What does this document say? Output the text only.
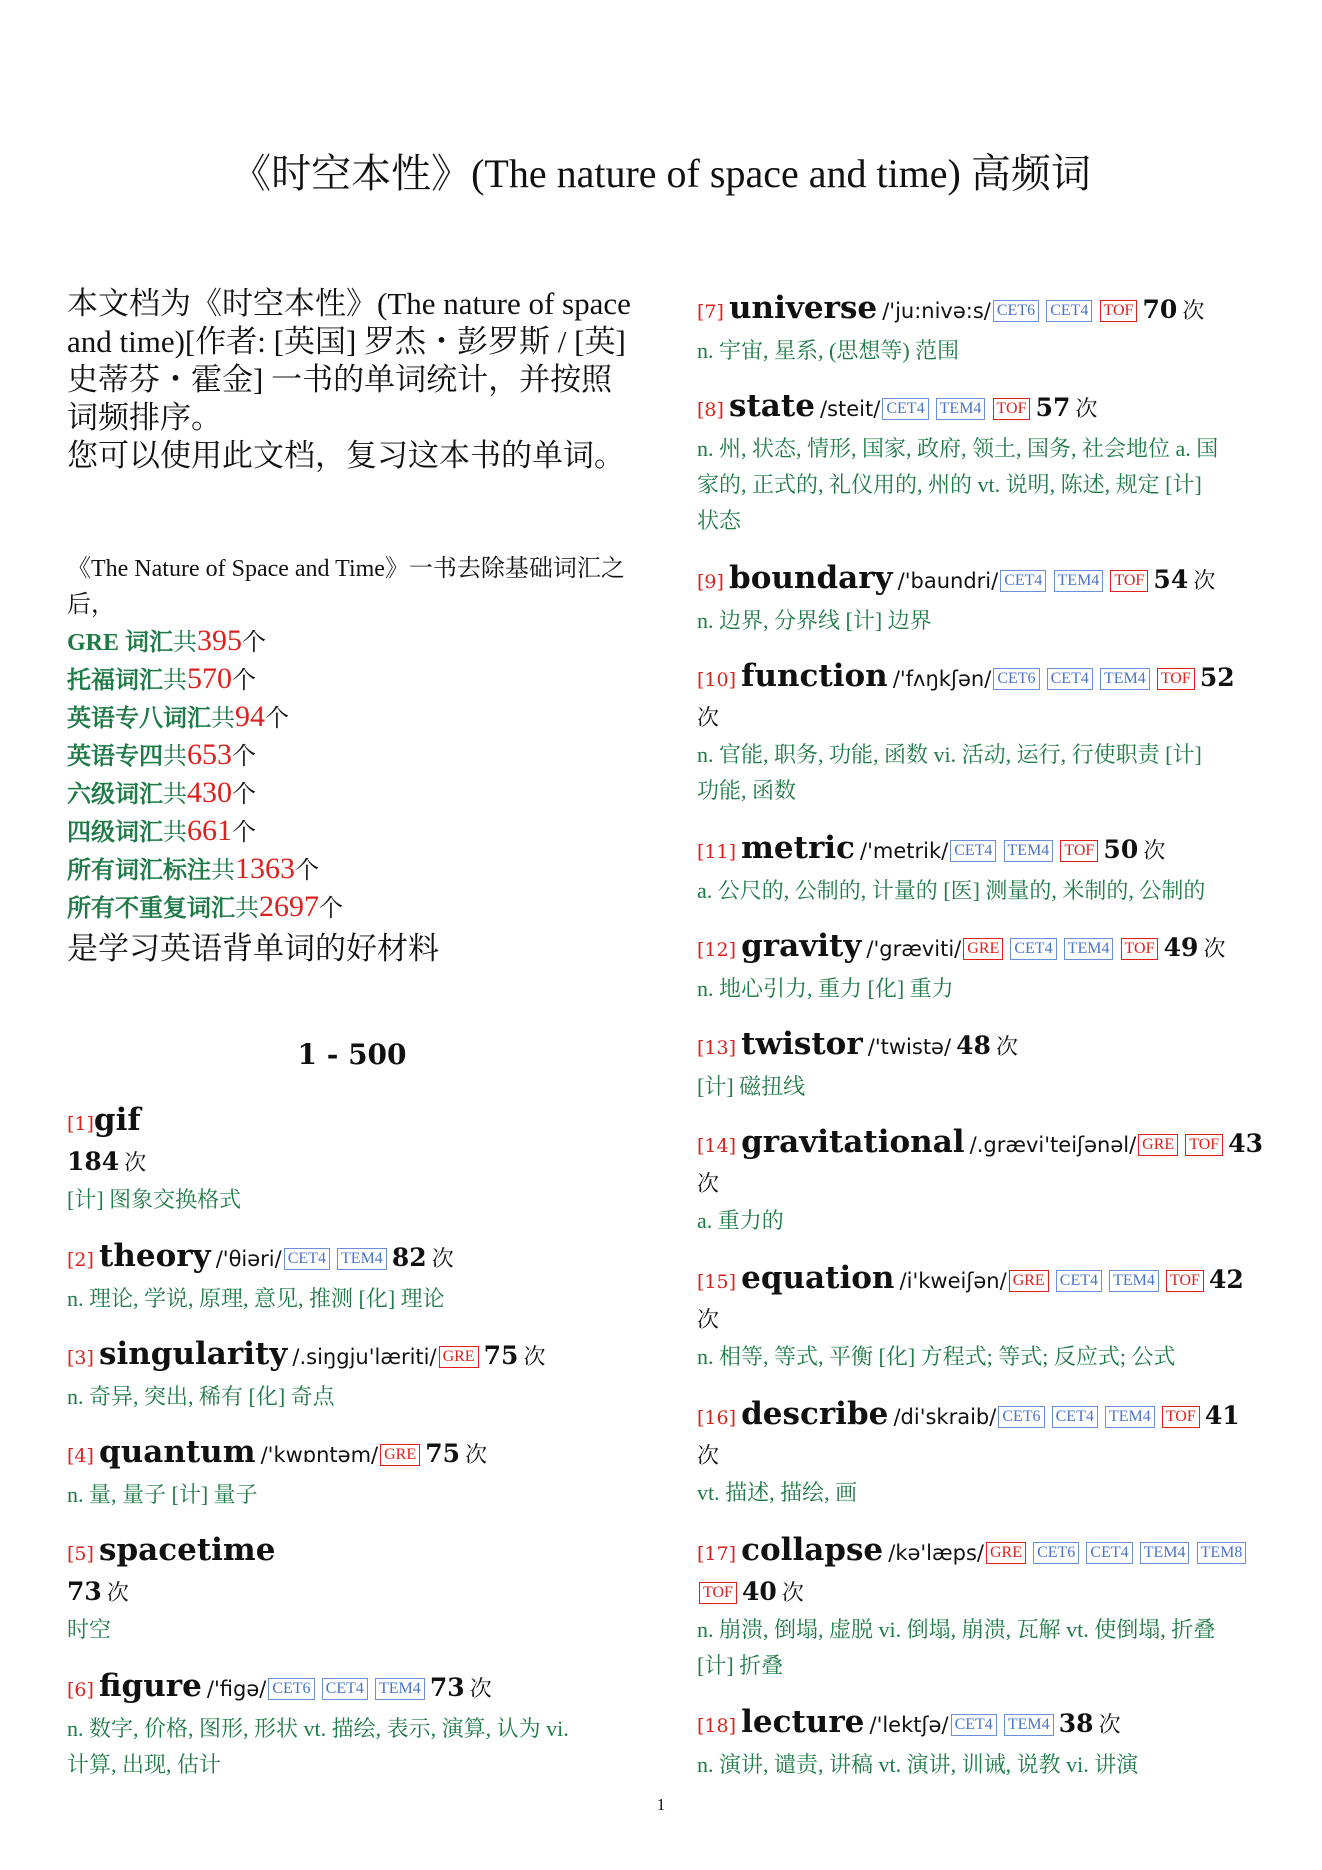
《时空本性》(The nature of space and time) 高频词

本文档为《时空本性》(The nature of space and time)[作者: [英国] 罗杰・彭罗斯 / [英] 史蒂芬・霍金] 一书的单词统计，并按照词频排序。

您可以使用此文档，复习这本书的单词。

《The Nature of Space and Time》一书去除基础词汇之后，
GRE 词汇共395个
托福词汇共570个
英语专八词汇共94个
英语专四共653个
六级词汇共430个
四级词汇共661个
所有词汇标注共1363个
所有不重复词汇共2697个
是学习英语背单词的好材料
1 - 500
[1]gif
184 次
[计] 图象交换格式
[2] theory /'θiəri/ CET4 TEM4 82 次
n. 理论, 学说, 原理, 意见, 推测 [化] 理论
[3] singularity /.siŋgju'læriti/ GRE 75 次
n. 奇异, 突出, 稀有 [化] 奇点
[4] quantum /'kwɒntəm/ GRE 75 次
n. 量, 量子 [计] 量子
[5] spacetime
73 次
时空
[6] figure /'figə/ CET6 CET4 TEM4 73 次
n. 数字, 价格, 图形, 形状 vt. 描绘, 表示, 演算, 认为 vi.
计算, 出现, 估计
[7] universe /'ju:nivə:s/ CET6 CET4 TOF 70 次
n. 宇宙, 星系, (思想等) 范围
[8] state /steit/ CET4 TEM4 TOF 57 次
n. 州, 状态, 情形, 国家, 政府, 领土, 国务, 社会地位 a. 国
家的, 正式的, 礼仪用的, 州的 vt. 说明, 陈述, 规定 [计]
状态
[9] boundary /'baundri/ CET4 TEM4 TOF 54 次
n. 边界, 分界线 [计] 边界
[10] function /'fʌŋkʃən/ CET6 CET4 TEM4 TOF 52
次
n. 官能, 职务, 功能, 函数 vi. 活动, 运行, 行使职责 [计]
功能, 函数
[11] metric /'metrik/ CET4 TEM4 TOF 50 次
a. 公尺的, 公制的, 计量的 [医] 测量的, 米制的, 公制的
[12] gravity /'græviti/ GRE CET4 TEM4 TOF 49 次
n. 地心引力, 重力 [化] 重力
[13] twistor /'twistə/ 48 次
[计] 磁扭线
[14] gravitational /.grævi'teiʃənəl/ GRE TOF 43
次
a. 重力的
[15] equation /i'kweiʃən/ GRE CET4 TEM4 TOF 42
次
n. 相等, 等式, 平衡 [化] 方程式; 等式; 反应式; 公式
[16] describe /di'skraib/ CET6 CET4 TEM4 TOF 41
次
vt. 描述, 描绘, 画
[17] collapse /kə'læps/ GRE CET6 CET4 TEM4 TEM8
TOF 40 次
n. 崩溃, 倒塌, 虚脱 vi. 倒塌, 崩溃, 瓦解 vt. 使倒塌, 折叠
[计] 折叠
[18] lecture /'lektʃə/ CET4 TEM4 38 次
n. 演讲, 谴责, 讲稿 vt. 演讲, 训诫, 说教 vi. 讲演
1
